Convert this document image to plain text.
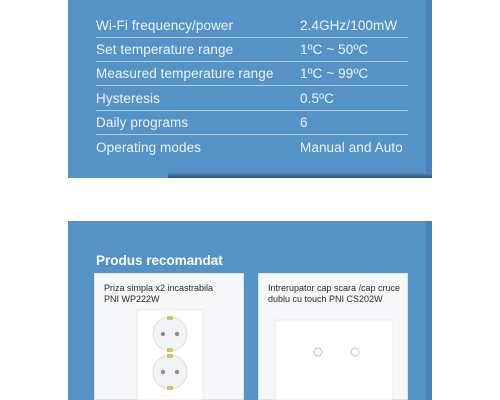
Wi-Fi frequency/power	2.4GHz/100mW
Set temperature range	1ºC ~ 50ºC
Measured temperature range 1ºC ~ 99ºC
Hysteresis	0.5ºC
Daily programs	6
Operating modes	Manual and Auto
Produs recomandat
Priza simpla x2 incastrabila
PNI WP222W
Intrerupator cap scara /cap cruce
dublu cu touch PNI CS202W
